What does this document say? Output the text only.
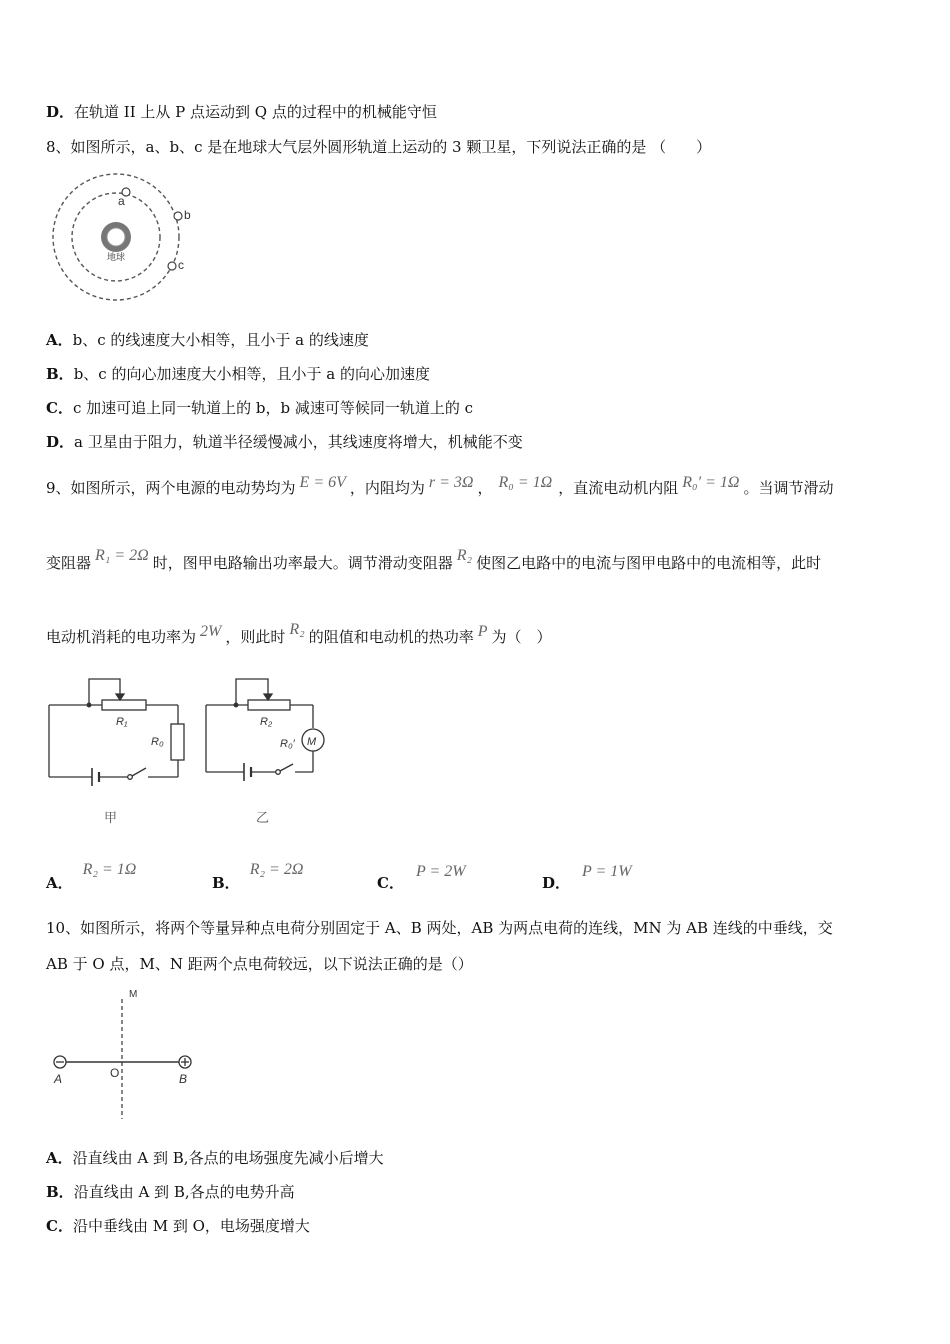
D．在轨道 II 上从 P 点运动到 Q 点的过程中的机械能守恒
8、如图所示，a、b、c 是在地球大气层外圆形轨道上运动的 3 颗卫星，下列说法正确的是 （　　）
地球
a
b
c
A．b、c 的线速度大小相等，且小于 a 的线速度
B．b、c 的向心加速度大小相等，且小于 a 的向心加速度
C．c 加速可追上同一轨道上的 b，b 减速可等候同一轨道上的 c
D．a 卫星由于阻力，轨道半径缓慢减小，其线速度将增大，机械能不变
9、如图所示，两个电源的电动势均为 E = 6V ，内阻均为 r = 3Ω ， R₀ = 1Ω ，直流电动机内阻 R₀′ = 1Ω 。当调节滑动
变阻器 R₁ = 2Ω 时，图甲电路输出功率最大。调节滑动变阻器 R₂ 使图乙电路中的电流与图甲电路中的电流相等，此时
电动机消耗的电功率为 2W ，则此时 R₂ 的阻值和电动机的热功率 P 为（　）
R₁
R₀
甲
R₂
R₀′ M
乙
A．R₂ = 1Ω
B．R₂ = 2Ω
C．P = 2W
D．P = 1W
10、如图所示，将两个等量异种点电荷分别固定于 A、B 两处，AB 为两点电荷的连线，MN 为 AB 连线的中垂线，交
AB 于 O 点，M、N 距两个点电荷较远，以下说法正确的是（）
M
A	O	B
A．沿直线由 A 到 B,各点的电场强度先减小后增大
B．沿直线由 A 到 B,各点的电势升高
C．沿中垂线由 M 到 O，电场强度增大
